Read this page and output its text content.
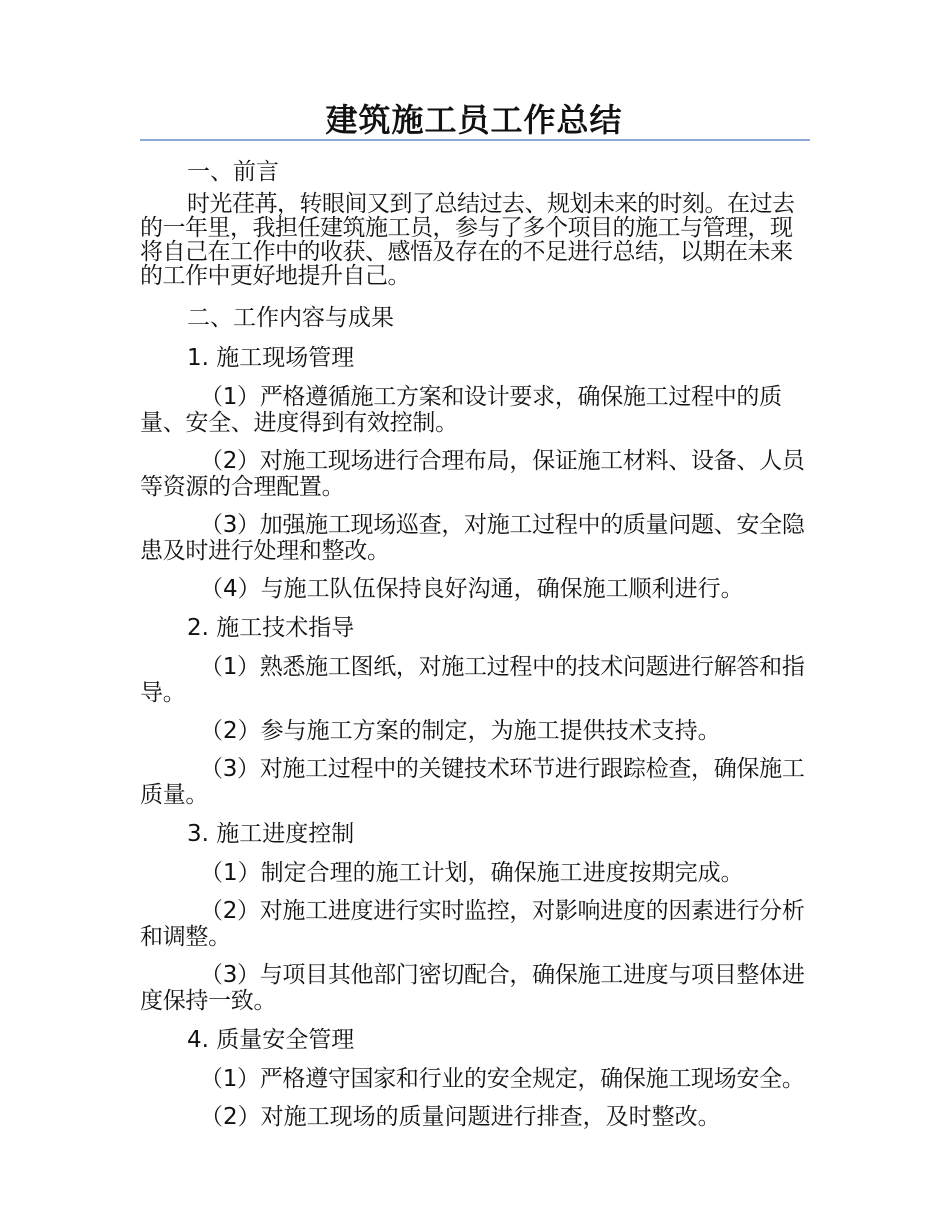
建筑施工员工作总结

一、前言

时光荏苒，转眼间又到了总结过去、规划未来的时刻。在过去的一年里，我担任建筑施工员，参与了多个项目的施工与管理，现将自己在工作中的收获、感悟及存在的不足进行总结，以期在未来的工作中更好地提升自己。

二、工作内容与成果

1. 施工现场管理

（1）严格遵循施工方案和设计要求，确保施工过程中的质量、安全、进度得到有效控制。

（2）对施工现场进行合理布局，保证施工材料、设备、人员等资源的合理配置。

（3）加强施工现场巡查，对施工过程中的质量问题、安全隐患及时进行处理和整改。

（4）与施工队伍保持良好沟通，确保施工顺利进行。

2. 施工技术指导

（1）熟悉施工图纸，对施工过程中的技术问题进行解答和指导。

（2）参与施工方案的制定，为施工提供技术支持。

（3）对施工过程中的关键技术环节进行跟踪检查，确保施工质量。

3. 施工进度控制

（1）制定合理的施工计划，确保施工进度按期完成。

（2）对施工进度进行实时监控，对影响进度的因素进行分析和调整。

（3）与项目其他部门密切配合，确保施工进度与项目整体进度保持一致。

4. 质量安全管理

（1）严格遵守国家和行业的安全规定，确保施工现场安全。

（2）对施工现场的质量问题进行排查，及时整改。
